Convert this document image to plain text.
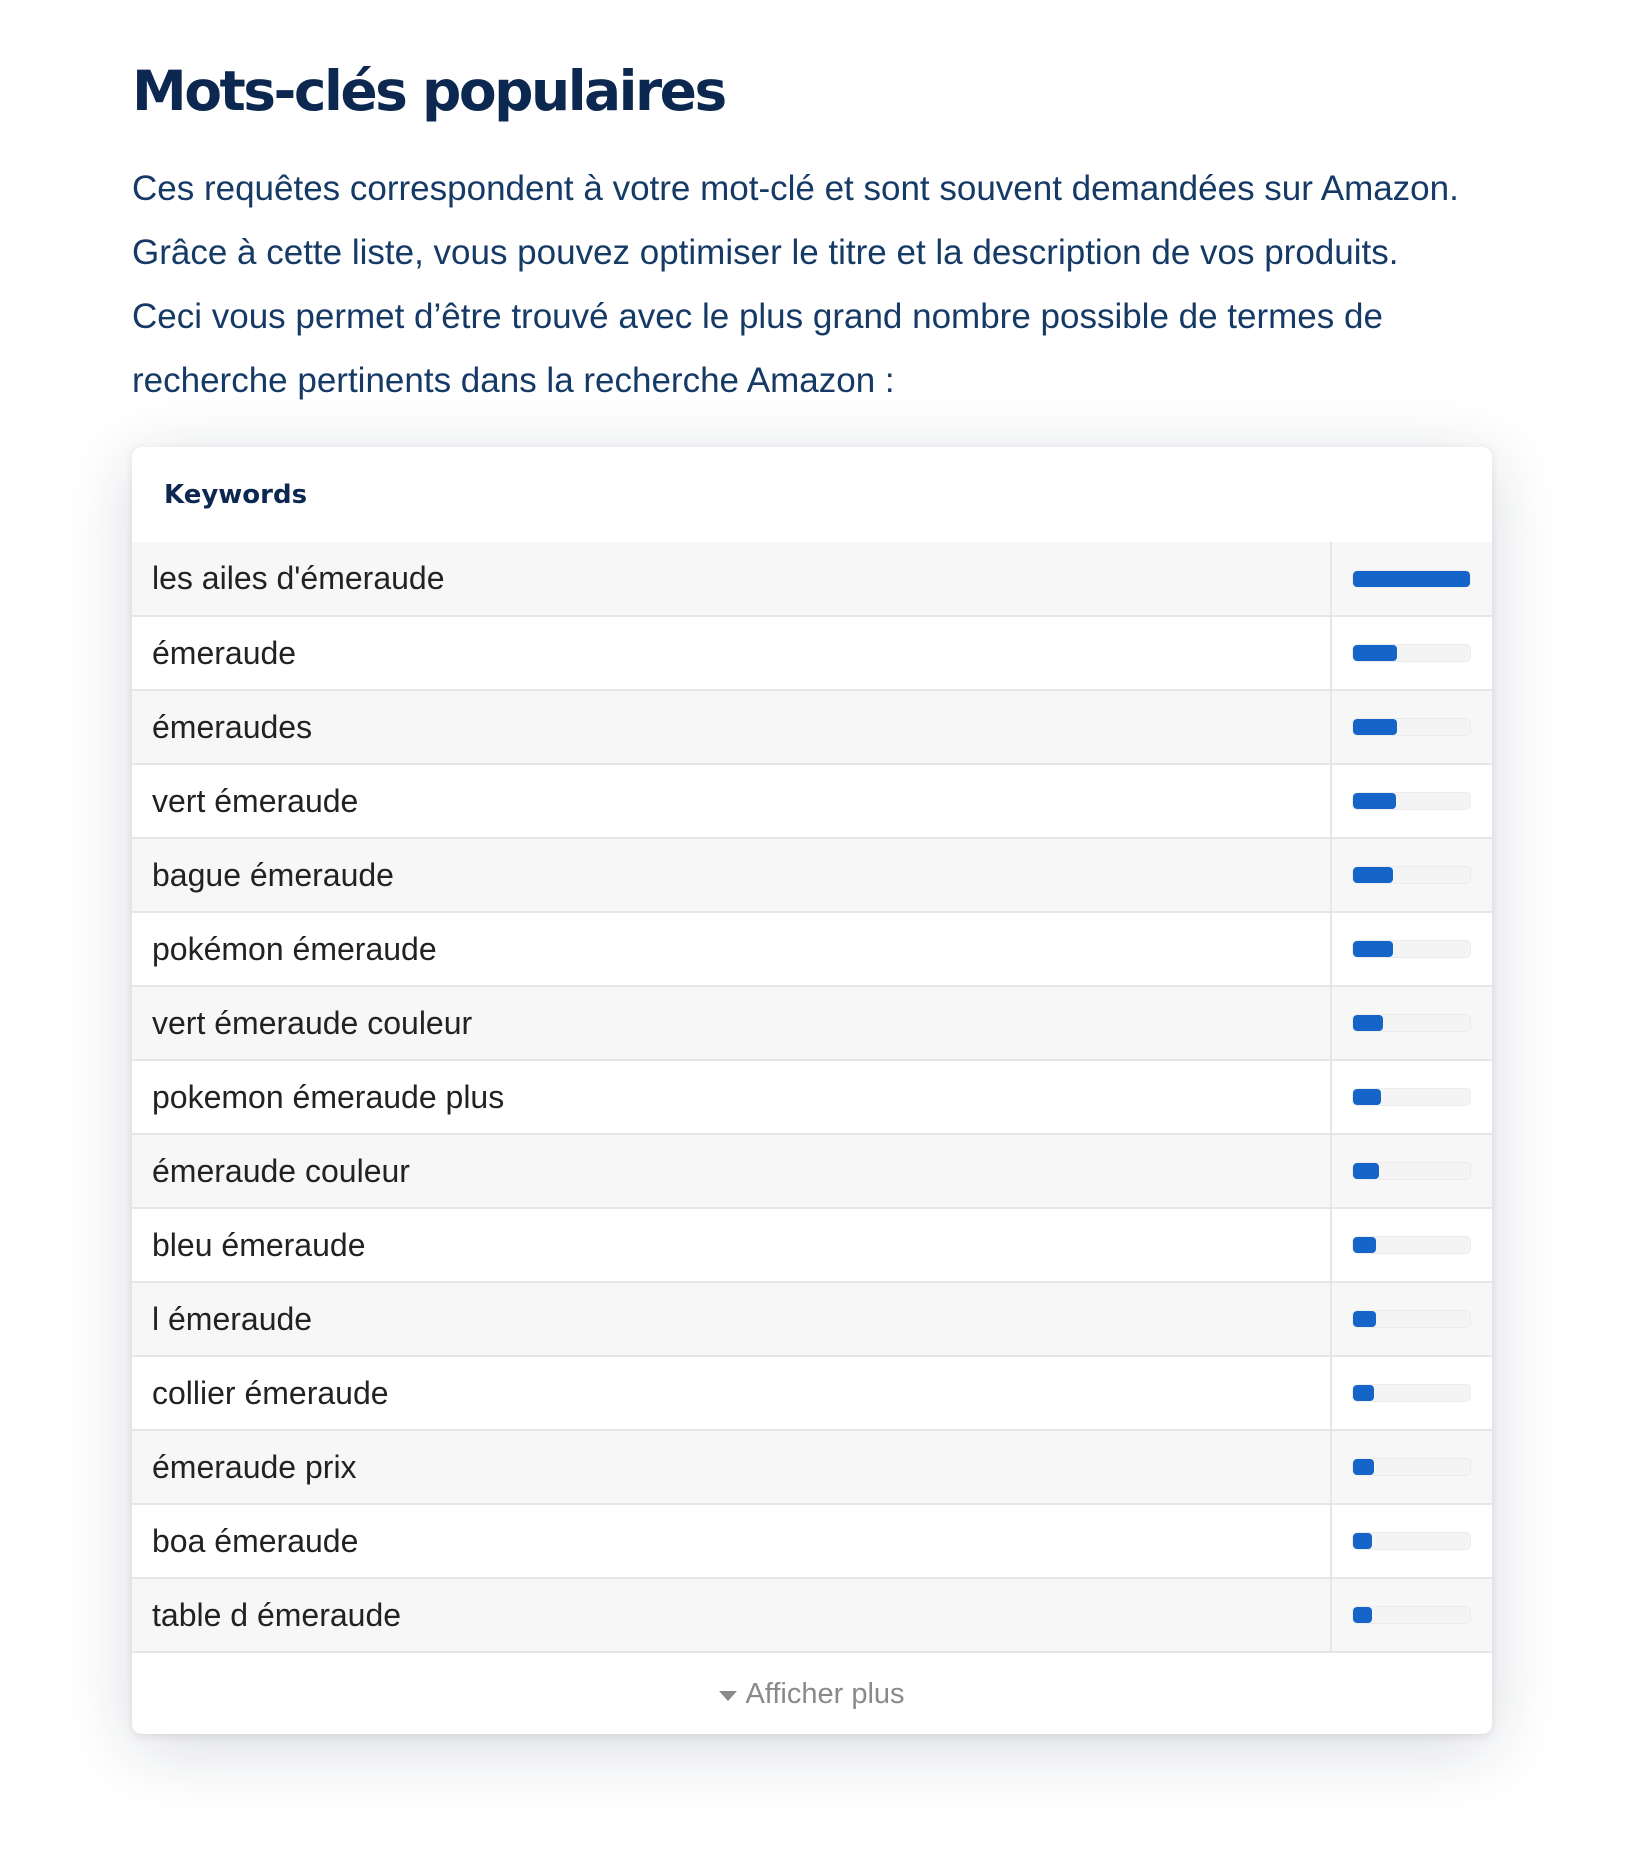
Mots-clés populaires

Ces requêtes correspondent à votre mot-clé et sont souvent demandées sur Amazon. Grâce à cette liste, vous pouvez optimiser le titre et la description de vos produits. Ceci vous permet d’être trouvé avec le plus grand nombre possible de termes de recherche pertinents dans la recherche Amazon :

Keywords
les ailes d'émeraude	

émeraude	

émeraudes	

vert émeraude	

bague émeraude	

pokémon émeraude	

vert émeraude couleur	

pokemon émeraude plus	

émeraude couleur	

bleu émeraude	

l émeraude	

collier émeraude	

émeraude prix	

boa émeraude	

table d émeraude	
Afficher plus
